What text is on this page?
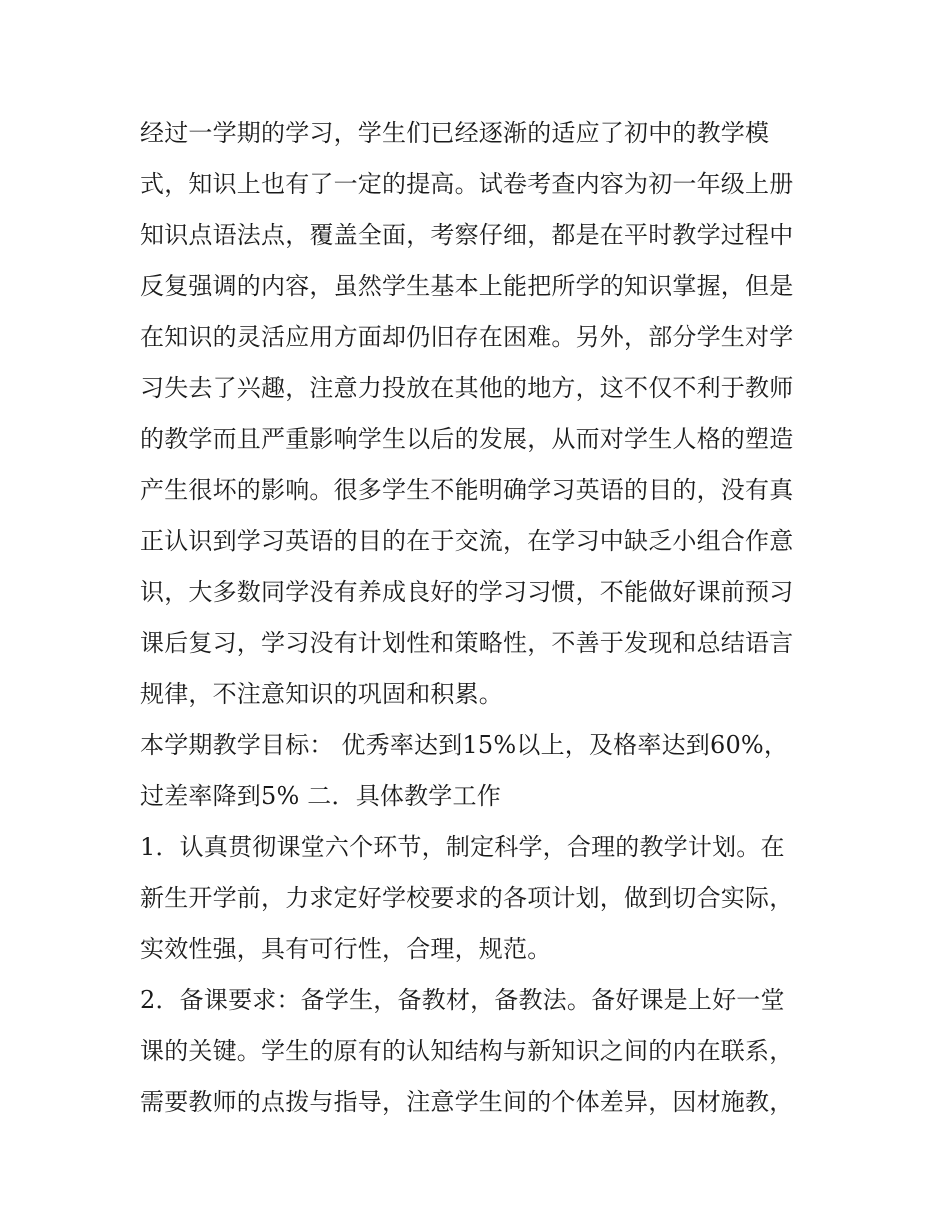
经过一学期的学习，学生们已经逐渐的适应了初中的教学模
式，知识上也有了一定的提高。试卷考查内容为初一年级上册
知识点语法点，覆盖全面，考察仔细，都是在平时教学过程中
反复强调的内容，虽然学生基本上能把所学的知识掌握，但是
在知识的灵活应用方面却仍旧存在困难。另外，部分学生对学
习失去了兴趣，注意力投放在其他的地方，这不仅不利于教师
的教学而且严重影响学生以后的发展，从而对学生人格的塑造
产生很坏的影响。很多学生不能明确学习英语的目的，没有真
正认识到学习英语的目的在于交流，在学习中缺乏小组合作意
识，大多数同学没有养成良好的学习习惯，不能做好课前预习
课后复习，学习没有计划性和策略性，不善于发现和总结语言
规律，不注意知识的巩固和积累。
本学期教学目标： 优秀率达到15%以上，及格率达到60%，
过差率降到5% 二．具体教学工作
1．认真贯彻课堂六个环节，制定科学，合理的教学计划。在
新生开学前，力求定好学校要求的各项计划，做到切合实际，
实效性强，具有可行性，合理，规范。
2．备课要求：备学生，备教材，备教法。备好课是上好一堂
课的关键。学生的原有的认知结构与新知识之间的内在联系，
需要教师的点拨与指导，注意学生间的个体差异，因材施教，
